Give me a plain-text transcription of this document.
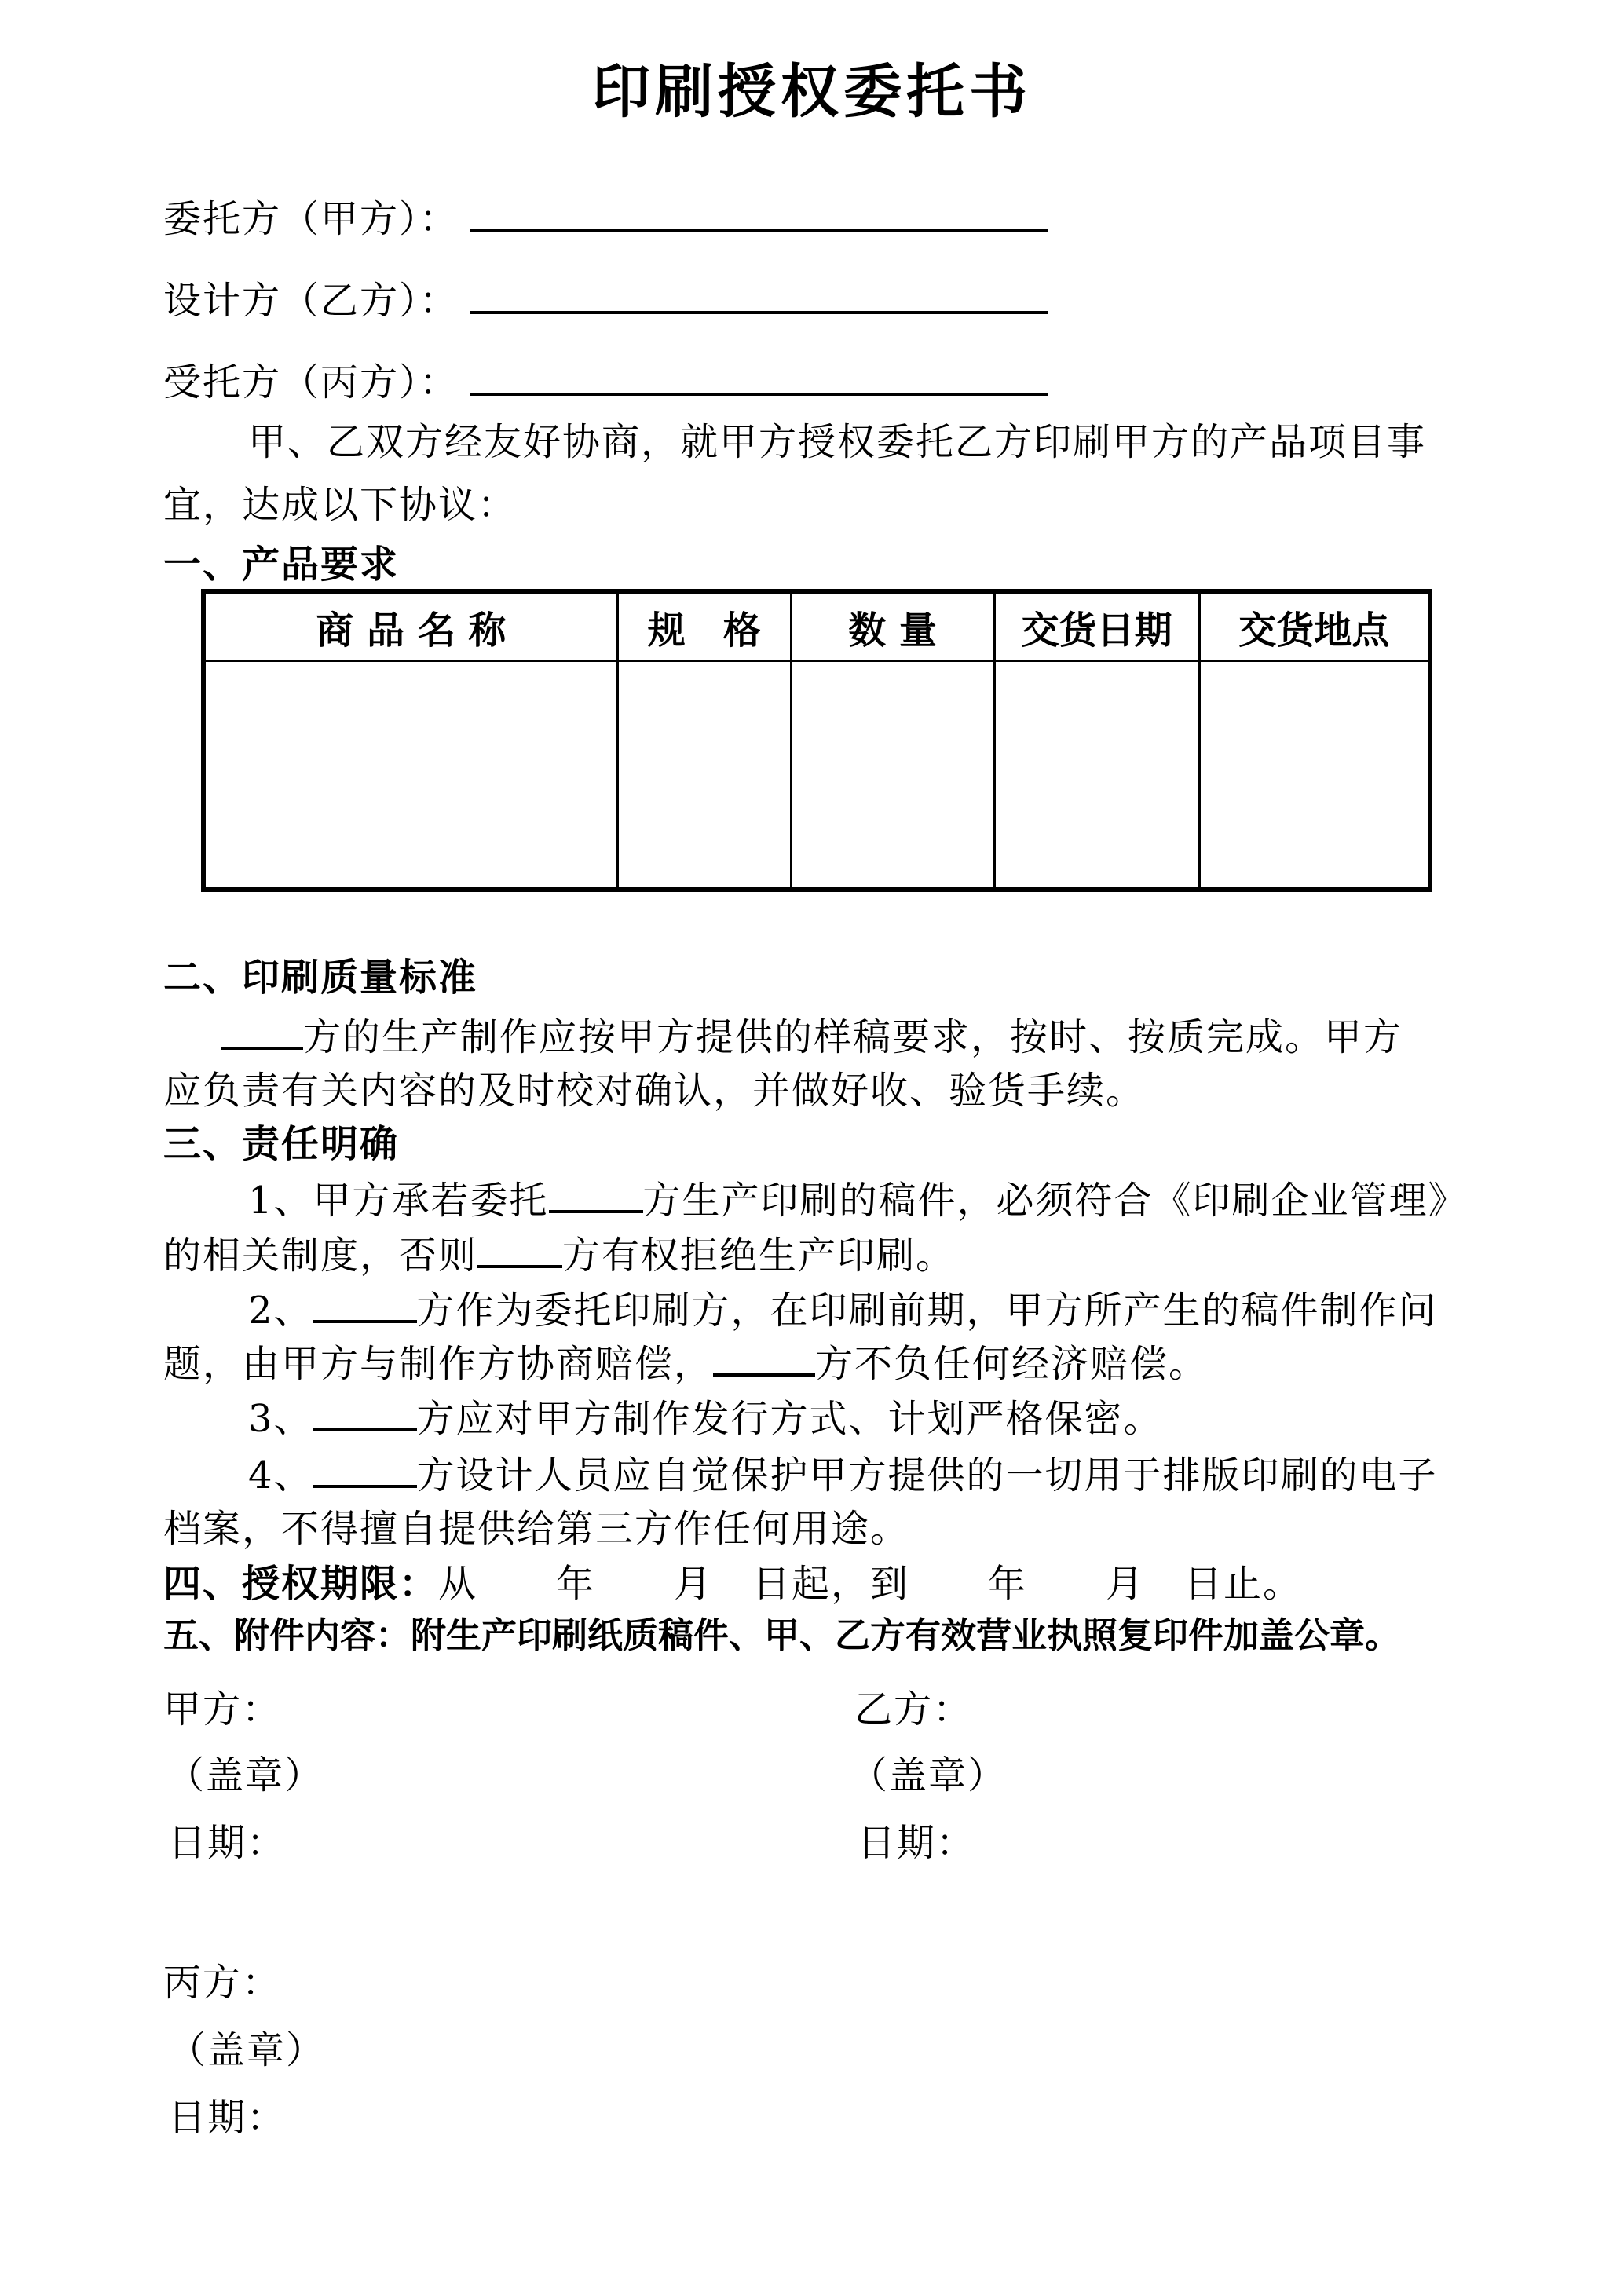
印刷授权委托书
委托方（甲方）：
设计方（乙方）：
受托方（丙方）：
甲、乙双方经友好协商，就甲方授权委托乙方印刷甲方的产品项目事
宜，达成以下协议：
一、产品要求
商 品 名 称	规　格	数 量	交货日期	交货地点

二、印刷质量标准
方的生产制作应按甲方提供的样稿要求，按时、按质完成。甲方
应负责有关内容的及时校对确认，并做好收、验货手续。
三、责任明确
1、甲方承若委托	方生产印刷的稿件，必须符合《印刷企业管理》
的相关制度，否则 方有权拒绝生产印刷。
2、	方作为委托印刷方，在印刷前期，甲方所产生的稿件制作问
题，由甲方与制作方协商赔偿，	方不负任何经济赔偿。
3、	方应对甲方制作发行方式、计划严格保密。
4、	方设计人员应自觉保护甲方提供的一切用于排版印刷的电子
档案，不得擅自提供给第三方作任何用途。
四、授权期限：从　　年　　月　日起，到　　年　　月　日止。
五、附件内容：附生产印刷纸质稿件、甲、乙方有效营业执照复印件加盖公章。
甲方：	乙方：
（盖章）	（盖章）
日期：	日期：
丙方：
（盖章）
日期：
